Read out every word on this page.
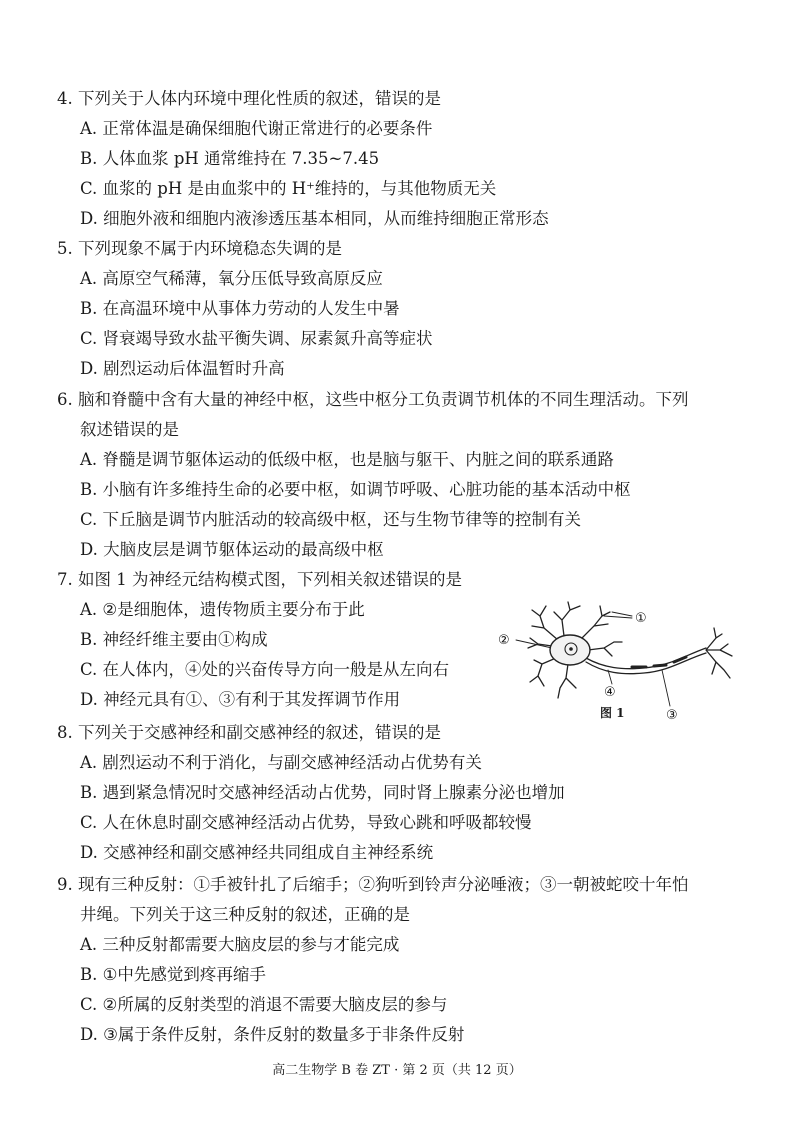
4. 下列关于人体内环境中理化性质的叙述，错误的是
A. 正常体温是确保细胞代谢正常进行的必要条件
B. 人体血浆 pH 通常维持在 7.35~7.45
C. 血浆的 pH 是由血浆中的 H⁺维持的，与其他物质无关
D. 细胞外液和细胞内液渗透压基本相同，从而维持细胞正常形态
5. 下列现象不属于内环境稳态失调的是
A. 高原空气稀薄，氧分压低导致高原反应
B. 在高温环境中从事体力劳动的人发生中暑
C. 肾衰竭导致水盐平衡失调、尿素氮升高等症状
D. 剧烈运动后体温暂时升高
6. 脑和脊髓中含有大量的神经中枢，这些中枢分工负责调节机体的不同生理活动。下列
叙述错误的是
A. 脊髓是调节躯体运动的低级中枢，也是脑与躯干、内脏之间的联系通路
B. 小脑有许多维持生命的必要中枢，如调节呼吸、心脏功能的基本活动中枢
C. 下丘脑是调节内脏活动的较高级中枢，还与生物节律等的控制有关
D. 大脑皮层是调节躯体运动的最高级中枢
7. 如图 1 为神经元结构模式图，下列相关叙述错误的是
A. ②是细胞体，遗传物质主要分布于此
B. 神经纤维主要由①构成
C. 在人体内，④处的兴奋传导方向一般是从左向右
D. 神经元具有①、③有利于其发挥调节作用
①
②
③
④
图 1
8. 下列关于交感神经和副交感神经的叙述，错误的是
A. 剧烈运动不利于消化，与副交感神经活动占优势有关
B. 遇到紧急情况时交感神经活动占优势，同时肾上腺素分泌也增加
C. 人在休息时副交感神经活动占优势，导致心跳和呼吸都较慢
D. 交感神经和副交感神经共同组成自主神经系统
9. 现有三种反射：①手被针扎了后缩手；②狗听到铃声分泌唾液；③一朝被蛇咬十年怕
井绳。下列关于这三种反射的叙述，正确的是
A. 三种反射都需要大脑皮层的参与才能完成
B. ①中先感觉到疼再缩手
C. ②所属的反射类型的消退不需要大脑皮层的参与
D. ③属于条件反射，条件反射的数量多于非条件反射
高二生物学 B 卷 ZT · 第 2 页（共 12 页）
